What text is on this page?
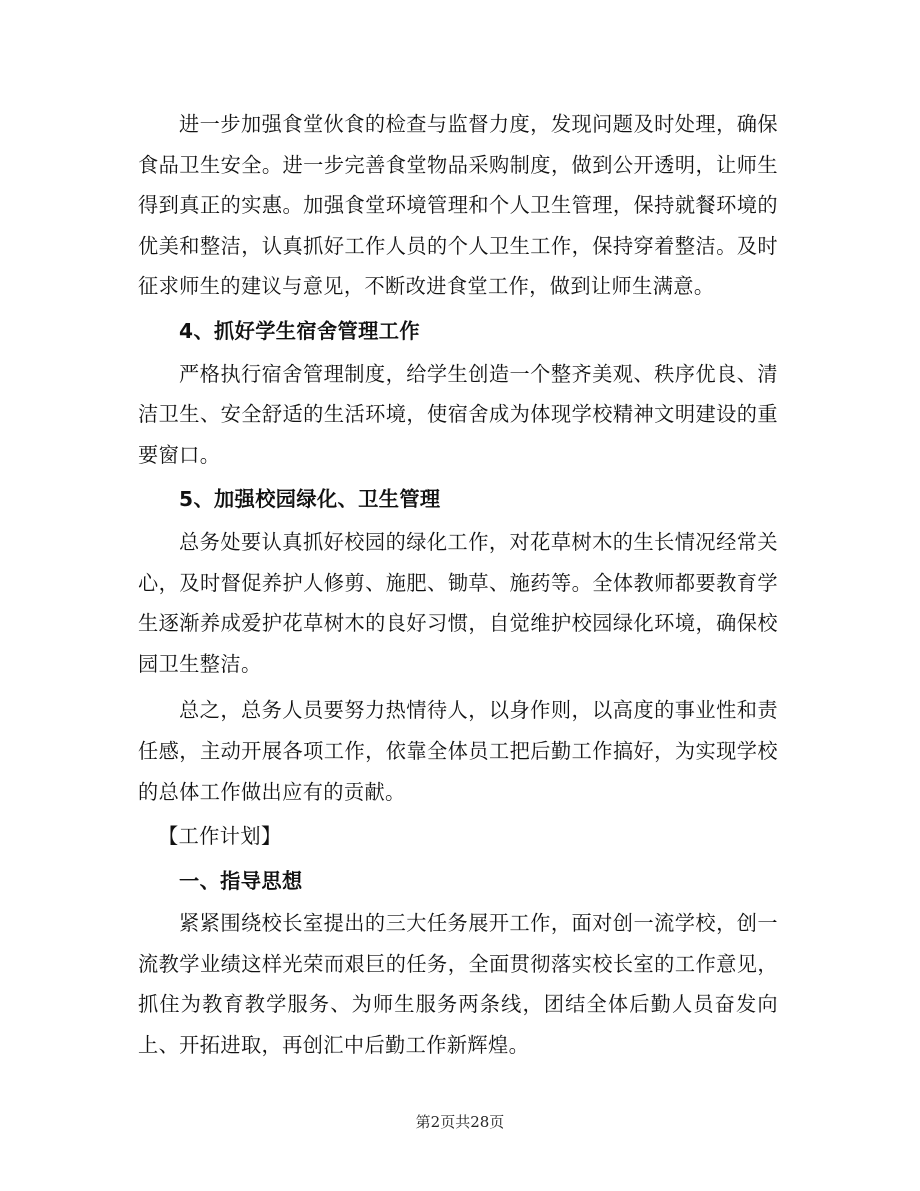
进一步加强食堂伙食的检查与监督力度，发现问题及时处理，确保食品卫生安全。进一步完善食堂物品采购制度，做到公开透明，让师生得到真正的实惠。加强食堂环境管理和个人卫生管理，保持就餐环境的优美和整洁，认真抓好工作人员的个人卫生工作，保持穿着整洁。及时征求师生的建议与意见，不断改进食堂工作，做到让师生满意。

4、抓好学生宿舍管理工作

严格执行宿舍管理制度，给学生创造一个整齐美观、秩序优良、清洁卫生、安全舒适的生活环境，使宿舍成为体现学校精神文明建设的重要窗口。

5、加强校园绿化、卫生管理

总务处要认真抓好校园的绿化工作，对花草树木的生长情况经常关心，及时督促养护人修剪、施肥、锄草、施药等。全体教师都要教育学生逐渐养成爱护花草树木的良好习惯，自觉维护校园绿化环境，确保校园卫生整洁。

总之，总务人员要努力热情待人，以身作则，以高度的事业性和责任感，主动开展各项工作，依靠全体员工把后勤工作搞好，为实现学校的总体工作做出应有的贡献。

【工作计划】
一、指导思想

紧紧围绕校长室提出的三大任务展开工作，面对创一流学校，创一流教学业绩这样光荣而艰巨的任务，全面贯彻落实校长室的工作意见，抓住为教育教学服务、为师生服务两条线，团结全体后勤人员奋发向上、开拓进取，再创汇中后勤工作新辉煌。

第2页共28页
